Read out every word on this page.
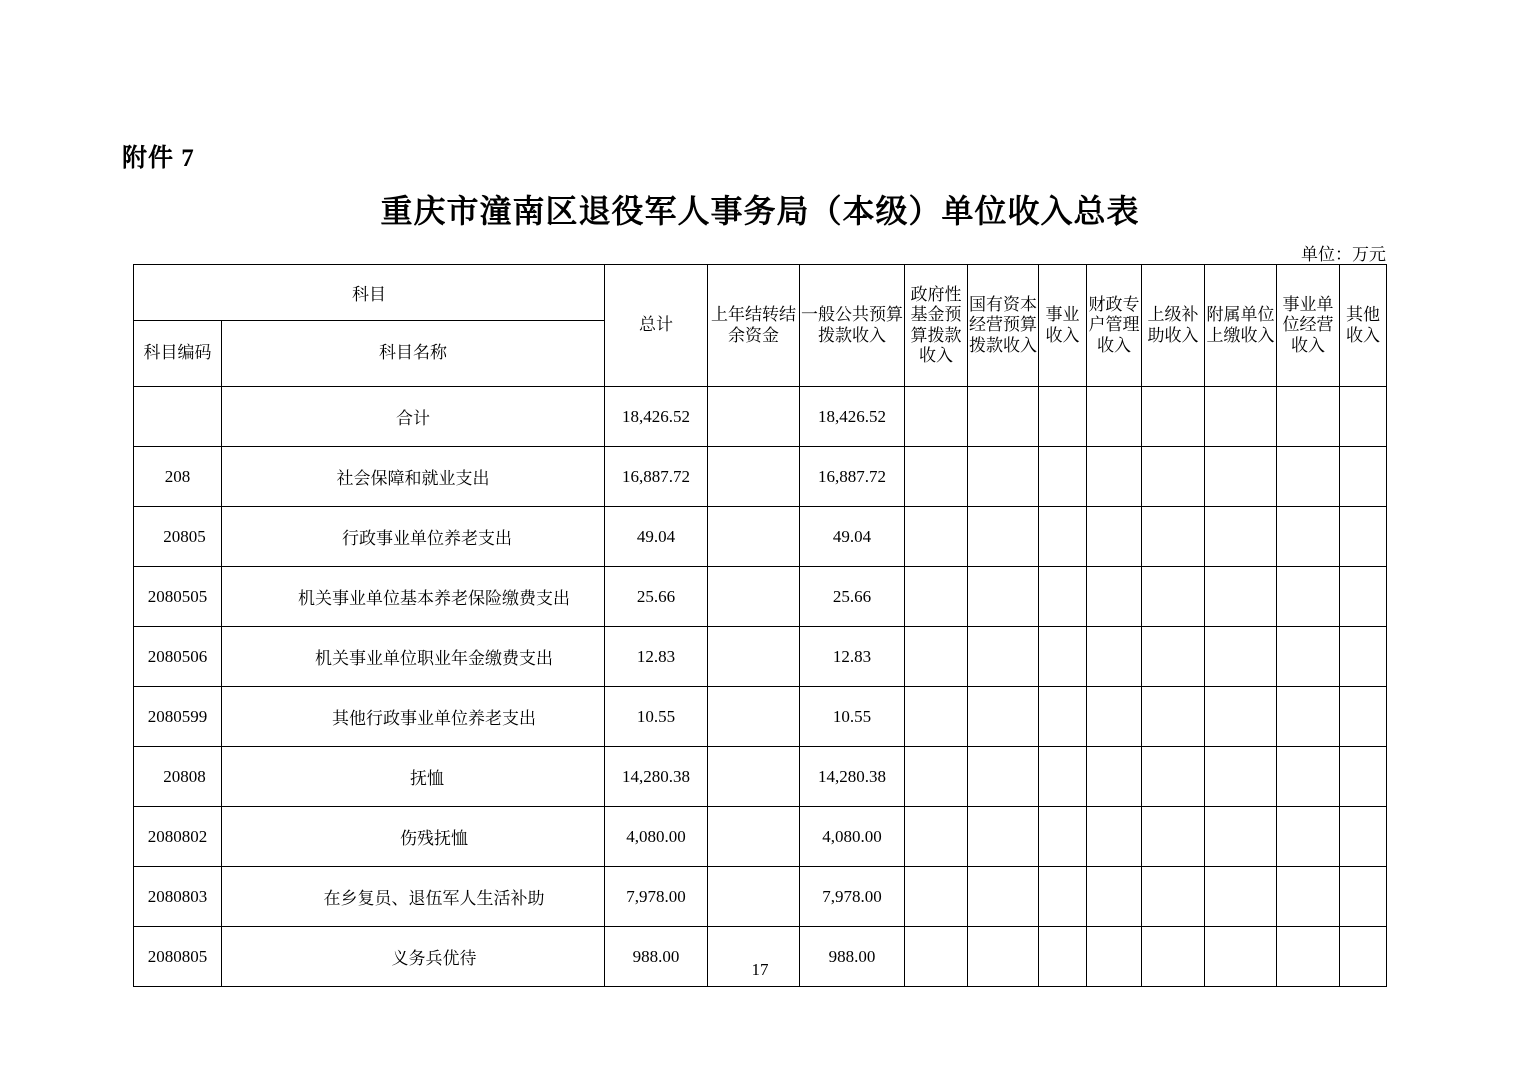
附件 7
重庆市潼南区退役军人事务局（本级）单位收入总表
单位：万元
科目		总计	上年结转结余资金	一般公共预算拨款收入	政府性基金预算拨款收入	国有资本经营预算拨款收入	事业收入	财政专户管理收入	上级补助收入	附属单位上缴收入	事业单位经营收入	其他收入
科目编码	科目名称											
	合计	18,426.52		18,426.52								
208	社会保障和就业支出	16,887.72		16,887.72								
20805	行政事业单位养老支出	49.04		49.04								
2080505	机关事业单位基本养老保险缴费支出	25.66		25.66								
2080506	机关事业单位职业年金缴费支出	12.83		12.83								
2080599	其他行政事业单位养老支出	10.55		10.55								
20808	抚恤	14,280.38		14,280.38								
2080802	伤残抚恤	4,080.00		4,080.00								
2080803	在乡复员、退伍军人生活补助	7,978.00		7,978.00								
2080805	义务兵优待	988.00		988.00								
17
